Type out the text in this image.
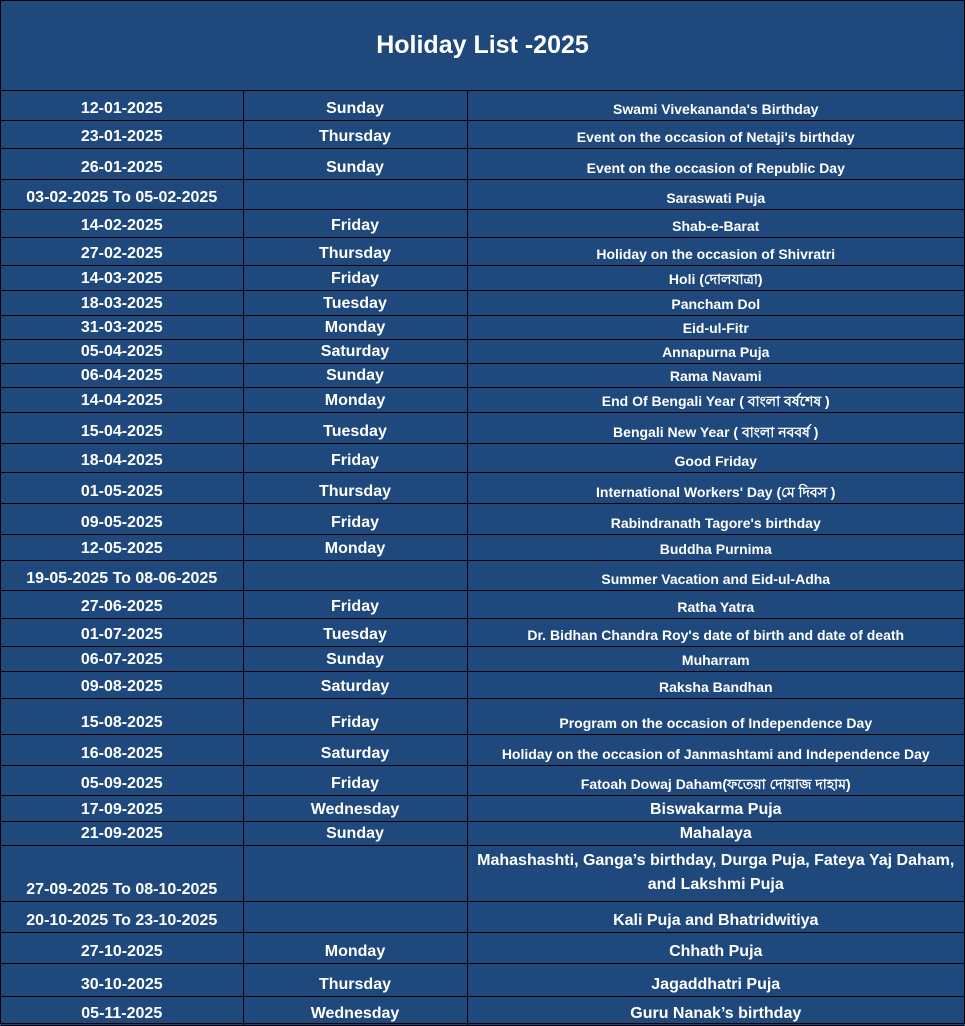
Holiday List -2025
12-01-2025	Sunday	Swami Vivekananda's Birthday
23-01-2025	Thursday	Event on the occasion of Netaji's birthday
26-01-2025	Sunday	Event on the occasion of Republic Day
03-02-2025 To 05-02-2025		Saraswati Puja
14-02-2025	Friday	Shab-e-Barat
27-02-2025	Thursday	Holiday on the occasion of Shivratri
14-03-2025	Friday	Holi (দোলযাত্রা)
18-03-2025	Tuesday	Pancham Dol
31-03-2025	Monday	Eid-ul-Fitr
05-04-2025	Saturday	Annapurna Puja
06-04-2025	Sunday	Rama Navami
14-04-2025	Monday	End Of Bengali Year ( বাংলা বর্ষশেষ )
15-04-2025	Tuesday	Bengali New Year ( বাংলা নববর্ষ )
18-04-2025	Friday	Good Friday
01-05-2025	Thursday	International Workers' Day (মে দিবস )
09-05-2025	Friday	Rabindranath Tagore's birthday
12-05-2025	Monday	Buddha Purnima
19-05-2025 To 08-06-2025		Summer Vacation and Eid-ul-Adha
27-06-2025	Friday	Ratha Yatra
01-07-2025	Tuesday	Dr. Bidhan Chandra Roy's date of birth and date of death
06-07-2025	Sunday	Muharram
09-08-2025	Saturday	Raksha Bandhan
15-08-2025	Friday	Program on the occasion of Independence Day
16-08-2025	Saturday	Holiday on the occasion of Janmashtami and Independence Day
05-09-2025	Friday	Fatoah Dowaj Daham(ফতেয়া দোয়াজ দাহাম)
17-09-2025	Wednesday	Biswakarma Puja
21-09-2025	Sunday	Mahalaya
27-09-2025 To 08-10-2025		Mahashashti, Ganga’s birthday, Durga Puja, Fateya Yaj Daham, and Lakshmi Puja
20-10-2025 To 23-10-2025		Kali Puja and Bhatridwitiya
27-10-2025	Monday	Chhath Puja
30-10-2025	Thursday	Jagaddhatri Puja
05-11-2025	Wednesday	Guru Nanak’s birthday
